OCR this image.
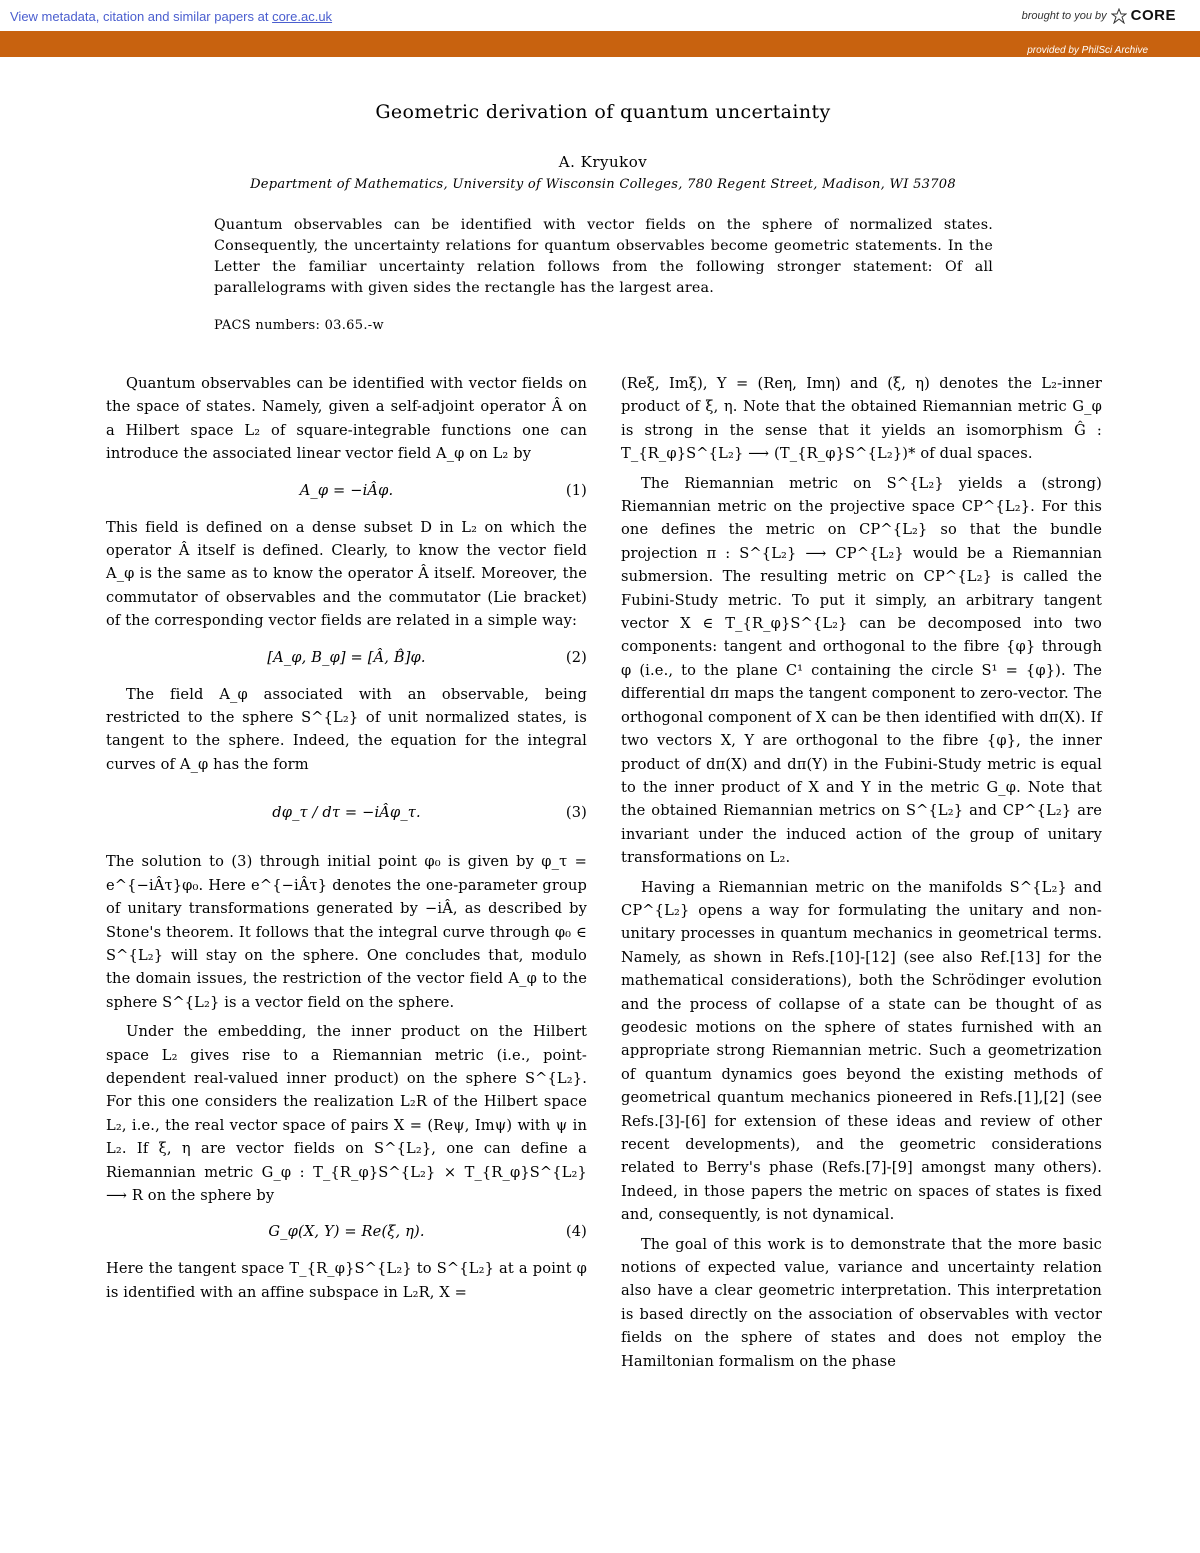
View metadata, citation and similar papers at core.ac.uk	brought to you by CORE
provided by PhilSci Archive
Geometric derivation of quantum uncertainty
A. Kryukov
Department of Mathematics, University of Wisconsin Colleges, 780 Regent Street, Madison, WI 53708
Quantum observables can be identified with vector fields on the sphere of normalized states. Consequently, the uncertainty relations for quantum observables become geometric statements. In the Letter the familiar uncertainty relation follows from the following stronger statement: Of all parallelograms with given sides the rectangle has the largest area.
PACS numbers: 03.65.-w

Quantum observables can be identified with vector fields on the space of states. Namely, given a self-adjoint operator Â on a Hilbert space L₂ of square-integrable functions one can introduce the associated linear vector field A_φ on L₂ by

A_φ = −iÂφ.	(1)

This field is defined on a dense subset D in L₂ on which the operator Â itself is defined. Clearly, to know the vector field A_φ is the same as to know the operator Â itself. Moreover, the commutator of observables and the commutator (Lie bracket) of the corresponding vector fields are related in a simple way:

[A_φ, B_φ] = [Â, B̂]φ.	(2)

The field A_φ associated with an observable, being restricted to the sphere S^{L₂} of unit normalized states, is tangent to the sphere. Indeed, the equation for the integral curves of A_φ has the form

dφ_τ / dτ = −iÂφ_τ.	(3)

The solution to (3) through initial point φ₀ is given by φ_τ = e^{−iÂτ}φ₀. Here e^{−iÂτ} denotes the one-parameter group of unitary transformations generated by −iÂ, as described by Stone's theorem. It follows that the integral curve through φ₀ ∈ S^{L₂} will stay on the sphere. One concludes that, modulo the domain issues, the restriction of the vector field A_φ to the sphere S^{L₂} is a vector field on the sphere.

Under the embedding, the inner product on the Hilbert space L₂ gives rise to a Riemannian metric (i.e., point-dependent real-valued inner product) on the sphere S^{L₂}. For this one considers the realization L₂R of the Hilbert space L₂, i.e., the real vector space of pairs X = (Reψ, Imψ) with ψ in L₂. If ξ, η are vector fields on S^{L₂}, one can define a Riemannian metric G_φ : T_{R_φ}S^{L₂} × T_{R_φ}S^{L₂} ⟶ R on the sphere by

G_φ(X, Y) = Re(ξ, η).	(4)

Here the tangent space T_{R_φ}S^{L₂} to S^{L₂} at a point φ is identified with an affine subspace in L₂R, X =

(Reξ, Imξ), Y = (Reη, Imη) and (ξ, η) denotes the L₂-inner product of ξ, η. Note that the obtained Riemannian metric G_φ is strong in the sense that it yields an isomorphism Ĝ : T_{R_φ}S^{L₂} ⟶ (T_{R_φ}S^{L₂})* of dual spaces.

The Riemannian metric on S^{L₂} yields a (strong) Riemannian metric on the projective space CP^{L₂}. For this one defines the metric on CP^{L₂} so that the bundle projection π : S^{L₂} ⟶ CP^{L₂} would be a Riemannian submersion. The resulting metric on CP^{L₂} is called the Fubini-Study metric. To put it simply, an arbitrary tangent vector X ∈ T_{R_φ}S^{L₂} can be decomposed into two components: tangent and orthogonal to the fibre {φ} through φ (i.e., to the plane C¹ containing the circle S¹ = {φ}). The differential dπ maps the tangent component to zero-vector. The orthogonal component of X can be then identified with dπ(X). If two vectors X, Y are orthogonal to the fibre {φ}, the inner product of dπ(X) and dπ(Y) in the Fubini-Study metric is equal to the inner product of X and Y in the metric G_φ. Note that the obtained Riemannian metrics on S^{L₂} and CP^{L₂} are invariant under the induced action of the group of unitary transformations on L₂.

Having a Riemannian metric on the manifolds S^{L₂} and CP^{L₂} opens a way for formulating the unitary and non-unitary processes in quantum mechanics in geometrical terms. Namely, as shown in Refs.[10]-[12] (see also Ref.[13] for the mathematical considerations), both the Schrödinger evolution and the process of collapse of a state can be thought of as geodesic motions on the sphere of states furnished with an appropriate strong Riemannian metric. Such a geometrization of quantum dynamics goes beyond the existing methods of geometrical quantum mechanics pioneered in Refs.[1],[2] (see Refs.[3]-[6] for extension of these ideas and review of other recent developments), and the geometric considerations related to Berry's phase (Refs.[7]-[9] amongst many others). Indeed, in those papers the metric on spaces of states is fixed and, consequently, is not dynamical.

The goal of this work is to demonstrate that the more basic notions of expected value, variance and uncertainty relation also have a clear geometric interpretation. This interpretation is based directly on the association of observables with vector fields on the sphere of states and does not employ the Hamiltonian formalism on the phase
